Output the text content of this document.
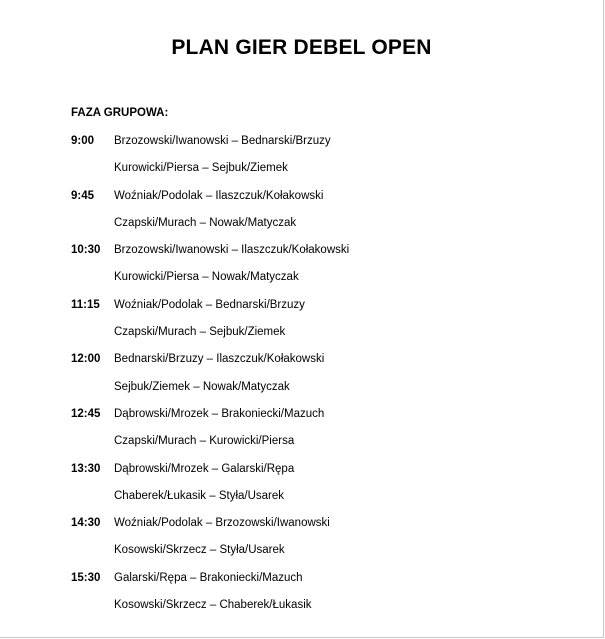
PLAN GIER DEBEL OPEN
FAZA GRUPOWA:
9:00 Brzozowski/Iwanowski – Bednarski/Brzuzy
Kurowicki/Piersa – Sejbuk/Ziemek
9:45 Woźniak/Podolak – Ilaszczuk/Kołakowski
Czapski/Murach – Nowak/Matyczak
10:30 Brzozowski/Iwanowski – Ilaszczuk/Kołakowski
Kurowicki/Piersa – Nowak/Matyczak
11:15 Woźniak/Podolak – Bednarski/Brzuzy
Czapski/Murach – Sejbuk/Ziemek
12:00 Bednarski/Brzuzy – Ilaszczuk/Kołakowski
Sejbuk/Ziemek – Nowak/Matyczak
12:45 Dąbrowski/Mrozek – Brakoniecki/Mazuch
Czapski/Murach – Kurowicki/Piersa
13:30 Dąbrowski/Mrozek – Galarski/Rępa
Chaberek/Łukasik – Styła/Usarek
14:30 Woźniak/Podolak – Brzozowski/Iwanowski
Kosowski/Skrzecz – Styła/Usarek
15:30 Galarski/Rępa – Brakoniecki/Mazuch
Kosowski/Skrzecz – Chaberek/Łukasik
